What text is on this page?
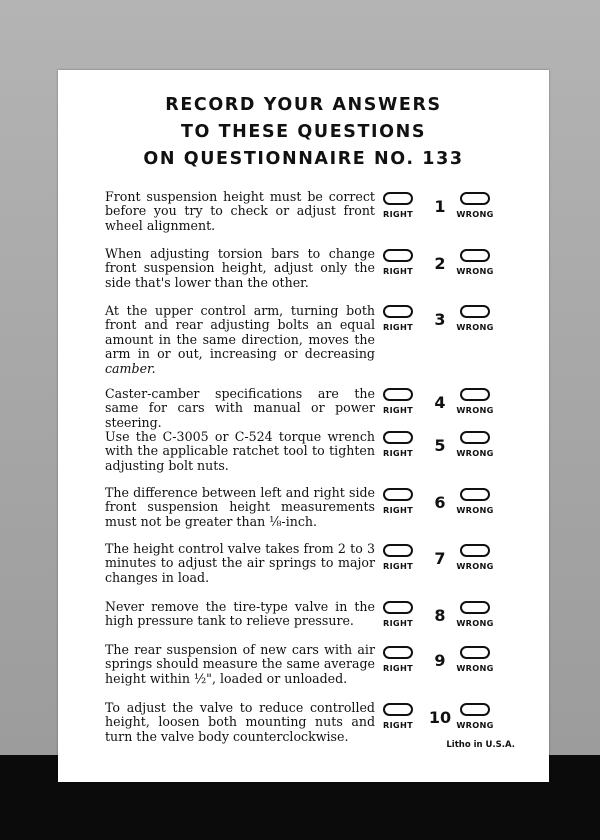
RECORD YOUR ANSWERS
TO THESE QUESTIONS
ON QUESTIONNAIRE NO. 133
Front suspension height must be correct before you try to check or adjust front wheel alignment.
RIGHT	1	WRONG
When adjusting torsion bars to change front suspension height, adjust only the side that's lower than the other.
RIGHT	2	WRONG
At the upper control arm, turning both front and rear adjusting bolts an equal amount in the same direction, moves the arm in or out, increasing or decreasing camber.
RIGHT	3	WRONG
Caster-camber specifications are the same for cars with manual or power steering.
RIGHT	4	WRONG
Use the C-3005 or C-524 torque wrench with the applicable ratchet tool to tighten adjusting bolt nuts.
RIGHT	5	WRONG
The difference between left and right side front suspension height measurements must not be greater than ⅛-inch.
RIGHT	6	WRONG
The height control valve takes from 2 to 3 minutes to adjust the air springs to major changes in load.
RIGHT	7	WRONG
Never remove the tire-type valve in the high pressure tank to relieve pressure.	RIGHT	8	WRONG
The rear suspension of new cars with air springs should measure the same average height within ½", loaded or unloaded.
RIGHT	9	WRONG
To adjust the valve to reduce controlled height, loosen both mounting nuts and turn the valve body counterclockwise.
RIGHT 10 WRONG
Litho in U.S.A.
